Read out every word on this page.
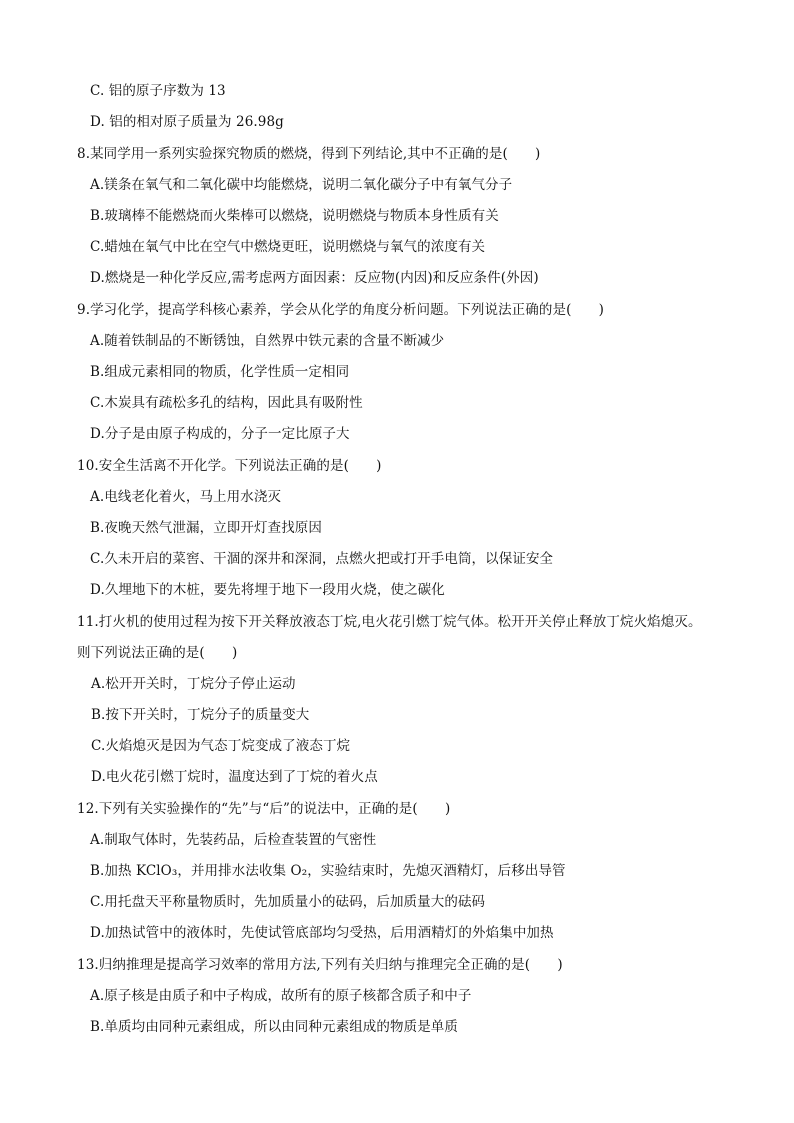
C. 铝的原子序数为 13
D. 铝的相对原子质量为 26.98g
8.某同学用一系列实验探究物质的燃烧，得到下列结论,其中不正确的是(　　)
A.镁条在氧气和二氧化碳中均能燃烧，说明二氧化碳分子中有氧气分子
B.玻璃棒不能燃烧而火柴棒可以燃烧，说明燃烧与物质本身性质有关
C.蜡烛在氧气中比在空气中燃烧更旺，说明燃烧与氧气的浓度有关
D.燃烧是一种化学反应,需考虑两方面因素：反应物(内因)和反应条件(外因)
9.学习化学，提高学科核心素养，学会从化学的角度分析问题。下列说法正确的是(　　)
A.随着铁制品的不断锈蚀，自然界中铁元素的含量不断减少
B.组成元素相同的物质，化学性质一定相同
C.木炭具有疏松多孔的结构，因此具有吸附性
D.分子是由原子构成的，分子一定比原子大
10.安全生活离不开化学。下列说法正确的是(　　)
A.电线老化着火，马上用水浇灭
B.夜晚天然气泄漏，立即开灯查找原因
C.久未开启的菜窖、干涸的深井和深洞，点燃火把或打开手电筒，以保证安全
D.久埋地下的木桩，要先将埋于地下一段用火烧，使之碳化
11.打火机的使用过程为按下开关释放液态丁烷,电火花引燃丁烷气体。松开开关停止释放丁烷火焰熄灭。
则下列说法正确的是(　　)
A.松开开关时，丁烷分子停止运动
B.按下开关时，丁烷分子的质量变大
C.火焰熄灭是因为气态丁烷变成了液态丁烷
D.电火花引燃丁烷时，温度达到了丁烷的着火点
12.下列有关实验操作的“先”与“后”的说法中，正确的是(　　)
A.制取气体时，先装药品，后检查装置的气密性
B.加热 KClO₃，并用排水法收集 O₂，实验结束时，先熄灭酒精灯，后移出导管
C.用托盘天平称量物质时，先加质量小的砝码，后加质量大的砝码
D.加热试管中的液体时，先使试管底部均匀受热，后用酒精灯的外焰集中加热
13.归纳推理是提高学习效率的常用方法,下列有关归纳与推理完全正确的是(　　)
A.原子核是由质子和中子构成，故所有的原子核都含质子和中子
B.单质均由同种元素组成，所以由同种元素组成的物质是单质
